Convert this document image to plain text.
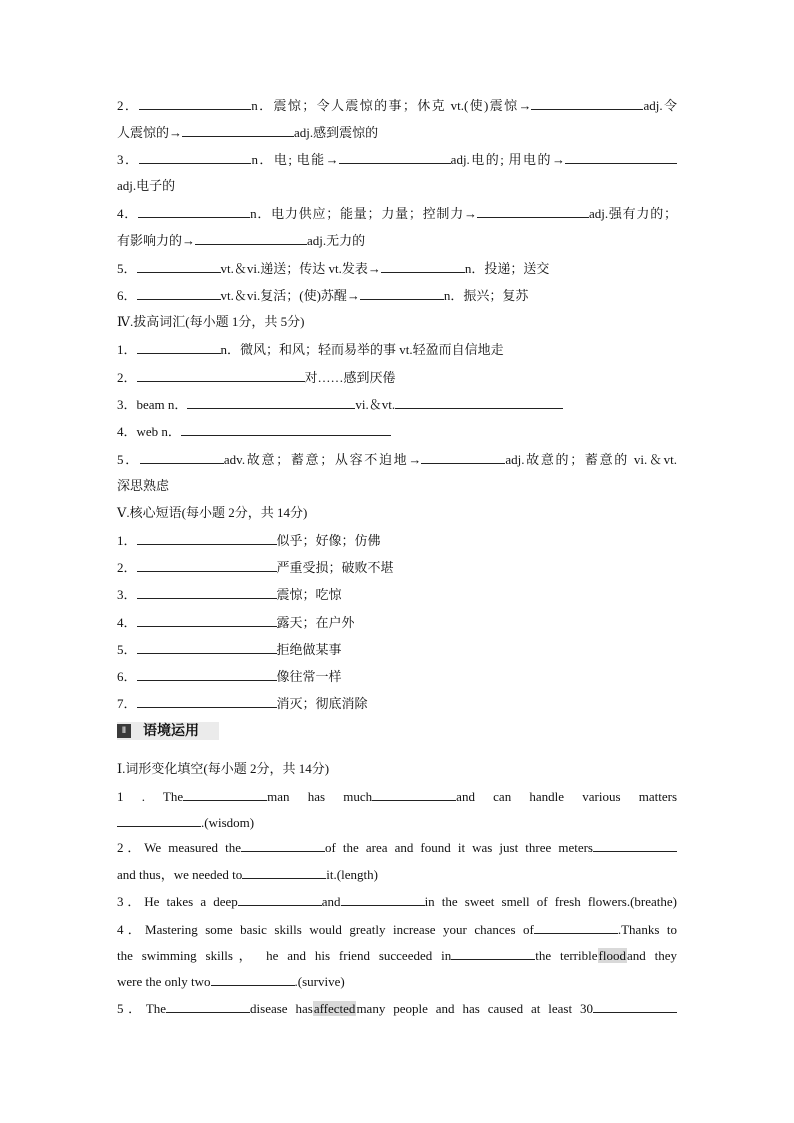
2．	n．震惊；令人震惊的事；休克 vt.(使)震惊→	adj.令
人震惊的→	adj.感到震惊的
3．	n．电; 电能→	adj.电的; 用电的→
adj.电子的
4．	n．电力供应；能量；力量；控制力→	adj.强有力的；
有影响力的→	adj.无力的
5．	vt.＆vi.递送；传达 vt.发表→	n．投递；送交
6．	vt.＆vi.复活；(使)苏醒→	n．振兴；复苏
Ⅳ.拔高词汇(每小题 1分，共 5分)
1．	n．微风；和风；轻而易举的事 vt.轻盈而自信地走
2．	对……感到厌倦
3．beam n．	vi.＆vt.
4．web n．
5．	adv.故意；蓄意；从容不迫地→	adj.故意的；蓄意的 vi.＆vt.
深思熟虑
Ⅴ.核心短语(每小题 2分，共 14分)
1．	似乎；好像；仿佛
2．	严重受损；破败不堪
3．	震惊；吃惊
4．	露天；在户外
5．	拒绝做某事
6．	像往常一样
7．	消灭；彻底消除
Ⅱ	语境运用
Ⅰ.词形变化填空(每小题 2分，共 14分)
1 . The	man has much	and can handle various matters
.(wisdom)
2．We measured the	of the area and found it was just three meters
and thus，we needed to	it.(length)
3．He takes a deep	and	in the sweet smell of fresh flowers.(breathe)
4．Mastering some basic skills would greatly increase your chances of	.Thanks to
the swimming skills， he and his friend succeeded in	the terriblefloodand they
were the only two	.(survive)
5．The	disease hasaffectedmany people and has caused at least 30
